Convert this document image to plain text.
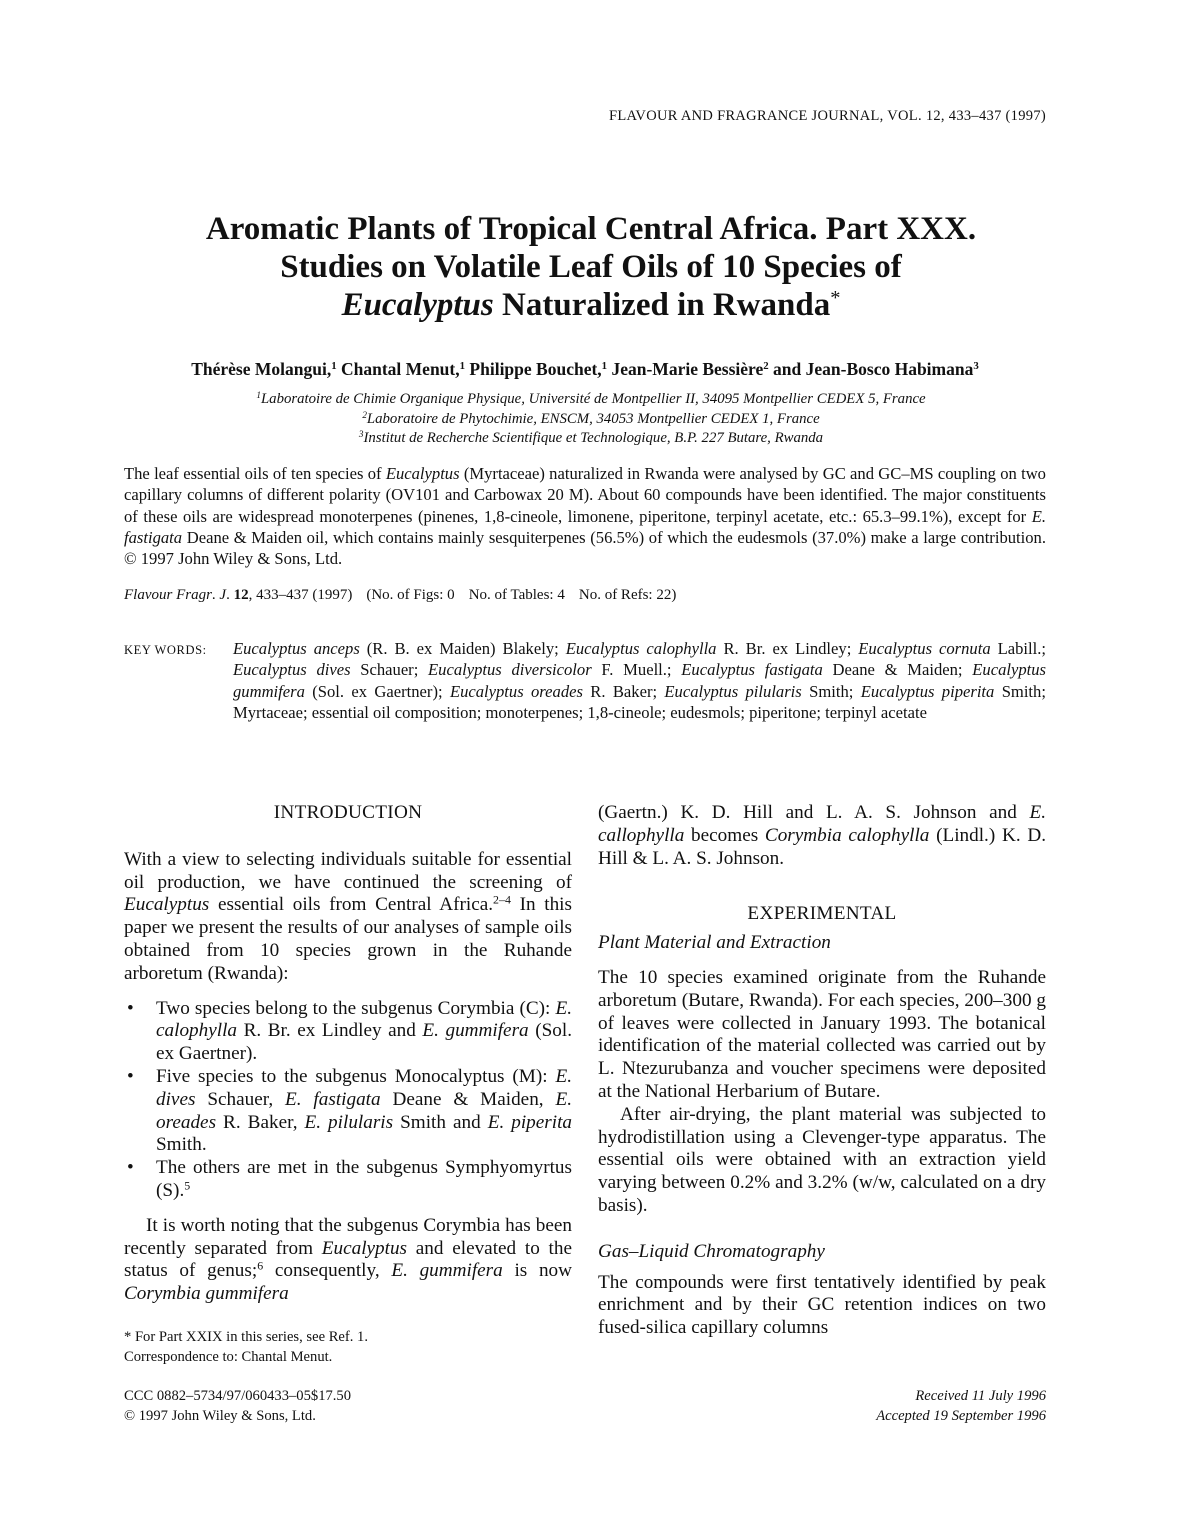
FLAVOUR AND FRAGRANCE JOURNAL, VOL. 12, 433–437 (1997)
Aromatic Plants of Tropical Central Africa. Part XXX.
Studies on Volatile Leaf Oils of 10 Species of
Eucalyptus Naturalized in Rwanda*
Thérèse Molangui,$^1$ Chantal Menut,$^1$ Philippe Bouchet,$^1$ Jean-Marie Bessière$^2$ and Jean-Bosco Habimana$^3$
$^1$Laboratoire de Chimie Organique Physique, Université de Montpellier II, 34095 Montpellier CEDEX 5, France
$^2$Laboratoire de Phytochimie, ENSCM, 34053 Montpellier CEDEX 1, France
$^3$Institut de Recherche Scientifique et Technologique, B.P. 227 Butare, Rwanda
The leaf essential oils of ten species of Eucalyptus (Myrtaceae) naturalized in Rwanda were analysed by GC and GC–MS coupling on two capillary columns of different polarity (OV101 and Carbowax 20 M). About 60 compounds have been identified. The major constituents of these oils are widespread monoterpenes (pinenes, 1,8-cineole, limonene, piperitone, terpinyl acetate, etc.: 65.3–99.1%), except for E. fastigata Deane & Maiden oil, which contains mainly sesquiterpenes (56.5%) of which the eudesmols (37.0%) make a large contribution. © 1997 John Wiley & Sons, Ltd.
Flavour Fragr. J. 12, 433–437 (1997) (No. of Figs: 0 No. of Tables: 4 No. of Refs: 22)
KEY WORDS: Eucalyptus anceps (R. B. ex Maiden) Blakely; Eucalyptus calophylla R. Br. ex Lindley; Eucalyptus cornuta Labill.; Eucalyptus dives Schauer; Eucalyptus diversicolor F. Muell.; Eucalyptus fastigata Deane & Maiden; Eucalyptus gummifera (Sol. ex Gaertner); Eucalyptus oreades R. Baker; Eucalyptus pilularis Smith; Eucalyptus piperita Smith; Myrtaceae; essential oil composition; monoterpenes; 1,8-cineole; eudesmols; piperitone; terpinyl acetate
INTRODUCTION

With a view to selecting individuals suitable for essential oil production, we have continued the screening of Eucalyptus essential oils from Central Africa.$^{2-4}$ In this paper we present the results of our analyses of sample oils obtained from 10 species grown in the Ruhande arboretum (Rwanda):

• Two species belong to the subgenus Corymbia (C): E. calophylla R. Br. ex Lindley and E. gummifera (Sol. ex Gaertner).
• Five species to the subgenus Monocalyptus (M): E. dives Schauer, E. fastigata Deane & Maiden, E. oreades R. Baker, E. pilularis Smith and E. piperita Smith.
• The others are met in the subgenus Symphyomyrtus (S).$^5$

It is worth noting that the subgenus Corymbia has been recently separated from Eucalyptus and elevated to the status of genus;$^6$ consequently, E. gummifera is now Corymbia gummifera

(Gaertn.) K. D. Hill and L. A. S. Johnson and E. callophylla becomes Corymbia calophylla (Lindl.) K. D. Hill & L. A. S. Johnson.

EXPERIMENTAL
Plant Material and Extraction

The 10 species examined originate from the Ruhande arboretum (Butare, Rwanda). For each species, 200–300 g of leaves were collected in January 1993. The botanical identification of the material collected was carried out by L. Ntezurubanza and voucher specimens were deposited at the National Herbarium of Butare.

After air-drying, the plant material was subjected to hydrodistillation using a Clevenger-type apparatus. The essential oils were obtained with an extraction yield varying between 0.2% and 3.2% (w/w, calculated on a dry basis).

Gas–Liquid Chromatography

The compounds were first tentatively identified by peak enrichment and by their GC retention indices on two fused-silica capillary columns

* For Part XXIX in this series, see Ref. 1.
Correspondence to: Chantal Menut.
CCC 0882–5734/97/060433–05$17.50
© 1997 John Wiley & Sons, Ltd.
Received 11 July 1996
Accepted 19 September 1996
